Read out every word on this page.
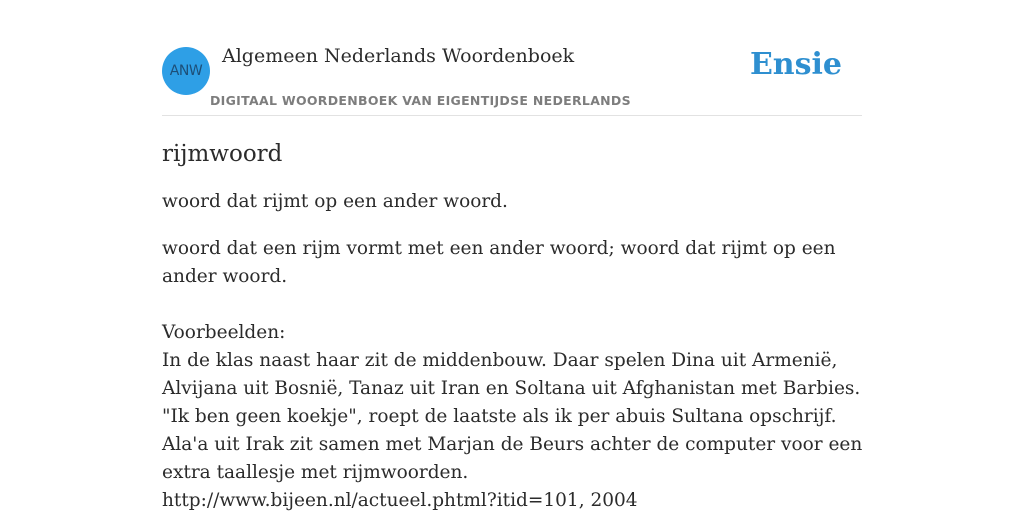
ANW
Algemeen Nederlands Woordenboek
DIGITAAL WOORDENBOEK VAN EIGENTIJDSE NEDERLANDS
Ensie
rijmwoord

woord dat rijmt op een ander woord.

woord dat een rijm vormt met een ander woord; woord dat rijmt op een ander woord.

Voorbeelden:

In de klas naast haar zit de middenbouw. Daar spelen Dina uit Armenië, Alvijana uit Bosnië, Tanaz uit Iran en Soltana uit Afghanistan met Barbies. "Ik ben geen koekje", roept de laatste als ik per abuis Sultana opschrijf. Ala'a uit Irak zit samen met Marjan de Beurs achter de computer voor een extra taallesje met rijmwoorden.

http://www.bijeen.nl/actueel.phtml?itid=101, 2004
